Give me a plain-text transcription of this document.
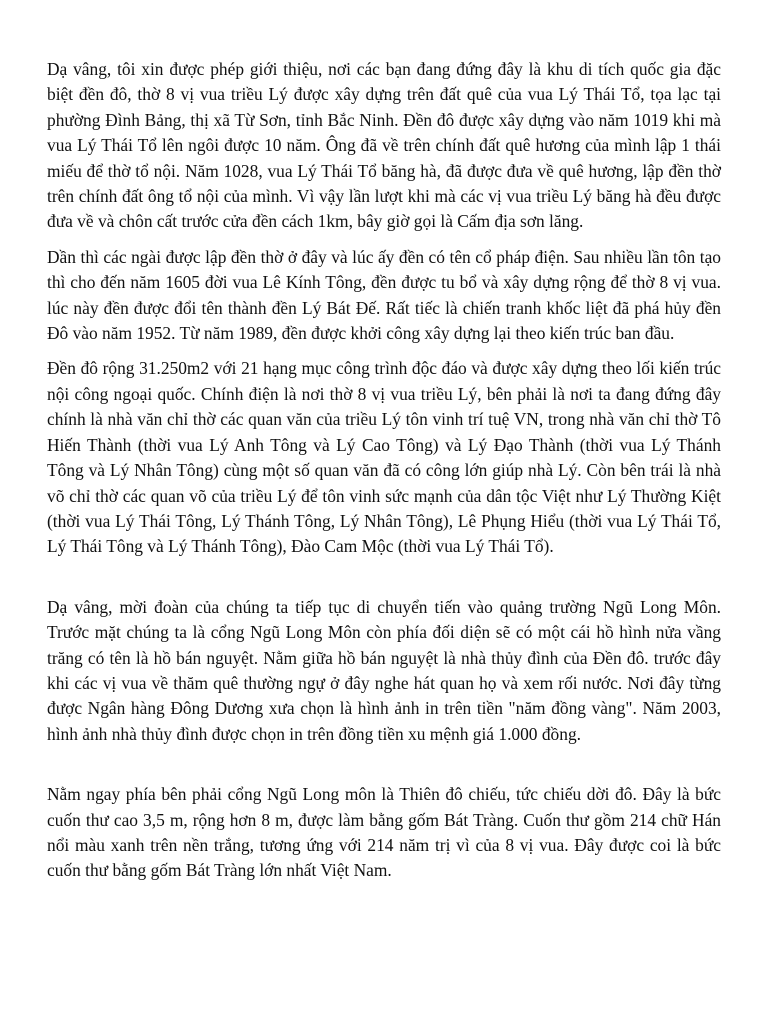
Dạ vâng, tôi xin được phép giới thiệu, nơi các bạn đang đứng đây là khu di tích quốc gia đặc biệt đền đô, thờ 8 vị vua triều Lý được xây dựng trên đất quê của vua Lý Thái Tổ, tọa lạc tại phường Đình Bảng, thị xã Từ Sơn, tỉnh Bắc Ninh. Đền đô được xây dựng vào năm 1019 khi mà vua Lý Thái Tổ lên ngôi được 10 năm. Ông đã về trên chính đất quê hương của mình lập 1 thái miếu để thờ tổ nội. Năm 1028, vua Lý Thái Tổ băng hà, đã được đưa về quê hương, lập đền thờ trên chính đất ông tổ nội của mình. Vì vậy lần lượt khi mà các vị vua triều Lý băng hà đều được đưa về và chôn cất trước cửa đền cách 1km, bây giờ gọi là Cấm địa sơn lăng.

Dần thì các ngài được lập đền thờ ở đây và lúc ấy đền có tên cổ pháp điện. Sau nhiều lần tôn tạo thì cho đến năm 1605 đời vua Lê Kính Tông, đền được tu bổ và xây dựng rộng để thờ 8 vị vua. lúc này đền được đổi tên thành đền Lý Bát Đế. Rất tiếc là chiến tranh khốc liệt đã phá hủy đền Đô vào năm 1952. Từ năm 1989, đền được khởi công xây dựng lại theo kiến trúc ban đầu.

Đền đô rộng 31.250m2 với 21 hạng mục công trình độc đáo và được xây dựng theo lối kiến trúc nội công ngoại quốc. Chính điện là nơi thờ 8 vị vua triều Lý, bên phải là nơi ta đang đứng đây chính là nhà văn chỉ thờ các quan văn của triều Lý tôn vinh trí tuệ VN, trong nhà văn chỉ thờ Tô Hiến Thành (thời vua Lý Anh Tông và Lý Cao Tông) và Lý Đạo Thành (thời vua Lý Thánh Tông và Lý Nhân Tông) cùng một số quan văn đã có công lớn giúp nhà Lý. Còn bên trái là nhà võ chỉ thờ các quan võ của triều Lý để tôn vinh sức mạnh của dân tộc Việt như Lý Thường Kiệt (thời vua Lý Thái Tông, Lý Thánh Tông, Lý Nhân Tông), Lê Phụng Hiểu (thời vua Lý Thái Tổ, Lý Thái Tông và Lý Thánh Tông), Đào Cam Mộc (thời vua Lý Thái Tổ).

Dạ vâng, mời đoàn của chúng ta tiếp tục di chuyển tiến vào quảng trường Ngũ Long Môn. Trước mặt chúng ta là cổng Ngũ Long Môn còn phía đối diện sẽ có một cái hồ hình nửa vầng trăng có tên là hồ bán nguyệt. Nằm giữa hồ bán nguyệt là nhà thủy đình của Đền đô. trước đây khi các vị vua về thăm quê thường ngự ở đây nghe hát quan họ và xem rối nước. Nơi đây từng được Ngân hàng Đông Dương xưa chọn là hình ảnh in trên tiền "năm đồng vàng". Năm 2003, hình ảnh nhà thủy đình được chọn in trên đồng tiền xu mệnh giá 1.000 đồng.

Nằm ngay phía bên phải cổng Ngũ Long môn là Thiên đô chiếu, tức chiếu dời đô. Đây là bức cuốn thư cao 3,5 m, rộng hơn 8 m, được làm bằng gốm Bát Tràng. Cuốn thư gồm 214 chữ Hán nổi màu xanh trên nền trắng, tương ứng với 214 năm trị vì của 8 vị vua. Đây được coi là bức cuốn thư bằng gốm Bát Tràng lớn nhất Việt Nam.
